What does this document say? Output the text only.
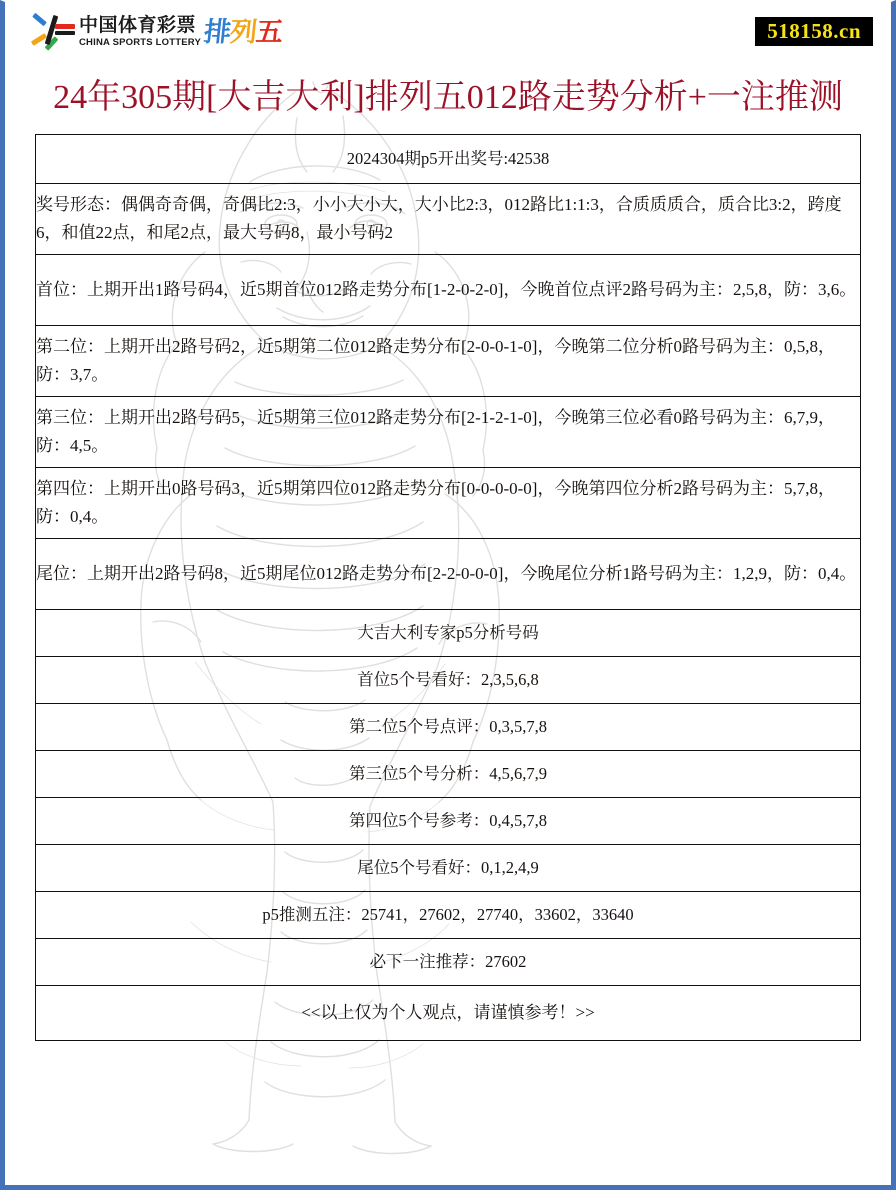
中国体育彩票
CHINA SPORTS LOTTERY 排列五	518158.cn
24年305期[大吉大利]排列五012路走势分析+一注推测
2024304期p5开出奖号:42538
奖号形态：偶偶奇奇偶，奇偶比2:3，小小大小大，大小比2:3，012路比1:1:3，合质质质合，质合比3:2，跨度6，和值22点，和尾2点，最大号码8，最小号码2
首位：上期开出1路号码4，近5期首位012路走势分布[1-2-0-2-0]，今晚首位点评2路号码为主：2,5,8，防：3,6。
第二位：上期开出2路号码2，近5期第二位012路走势分布[2-0-0-1-0]，今晚第二位分析0路号码为主：0,5,8，防：3,7。
第三位：上期开出2路号码5，近5期第三位012路走势分布[2-1-2-1-0]，今晚第三位必看0路号码为主：6,7,9，防：4,5。
第四位：上期开出0路号码3，近5期第四位012路走势分布[0-0-0-0-0]，今晚第四位分析2路号码为主：5,7,8，防：0,4。
尾位：上期开出2路号码8，近5期尾位012路走势分布[2-2-0-0-0]，今晚尾位分析1路号码为主：1,2,9，防：0,4。
大吉大利专家p5分析号码
首位5个号看好：2,3,5,6,8
第二位5个号点评：0,3,5,7,8
第三位5个号分析：4,5,6,7,9
第四位5个号参考：0,4,5,7,8
尾位5个号看好：0,1,2,4,9
p5推测五注：25741，27602，27740，33602，33640
必下一注推荐：27602
<<以上仅为个人观点，请谨慎参考！>>
